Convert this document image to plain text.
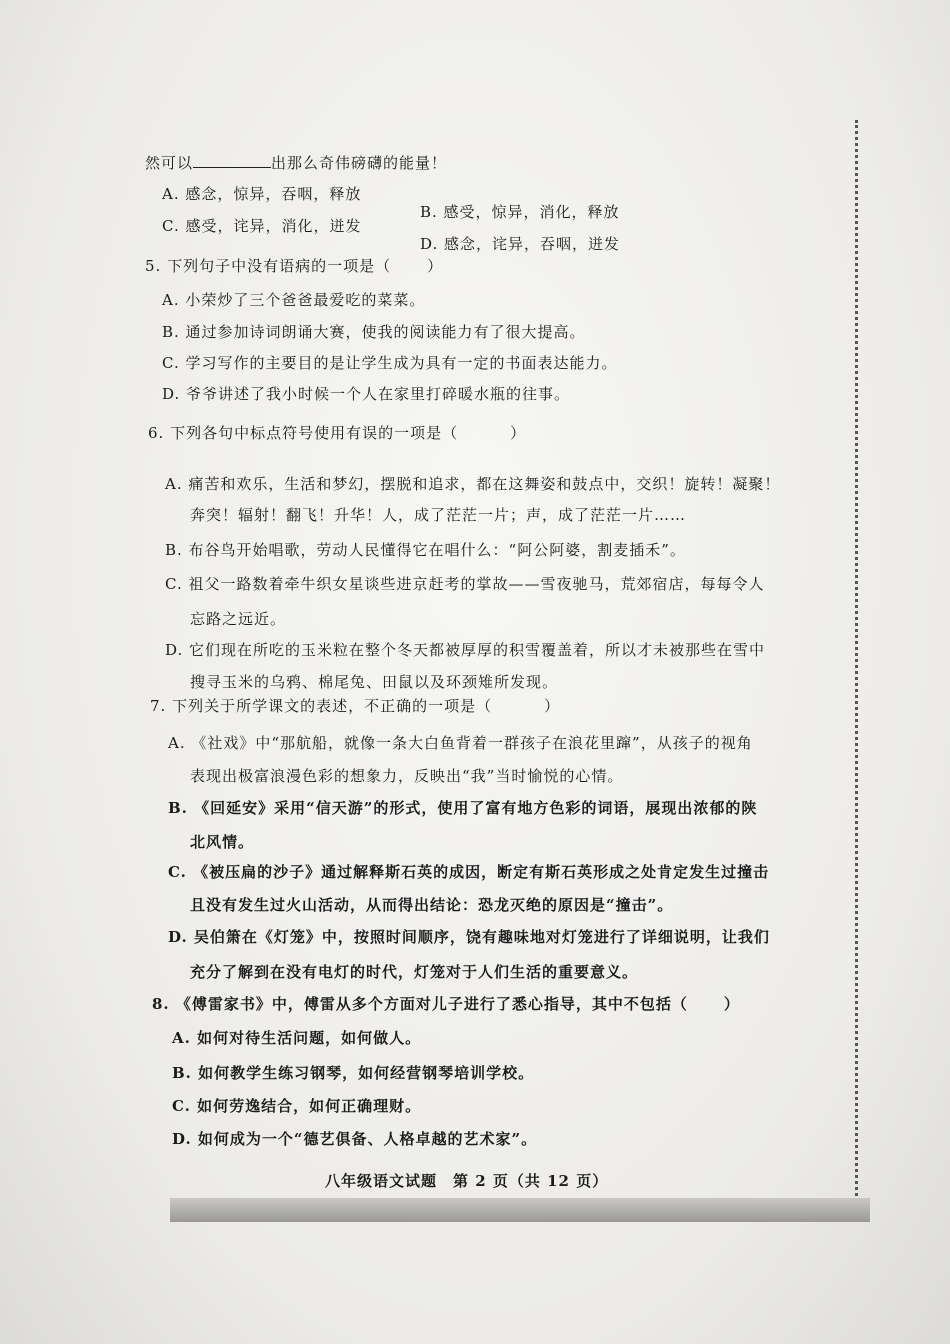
然可以	出那么奇伟磅礴的能量！
A. 感念，惊异，吞咽，释放
B. 感受，惊异，消化，释放
C. 感受，诧异，消化，迸发
D. 感念，诧异，吞咽，迸发
5. 下列句子中没有语病的一项是（ ）
A. 小荣炒了三个爸爸最爱吃的菜菜。
B. 通过参加诗词朗诵大赛，使我的阅读能力有了很大提高。
C. 学习写作的主要目的是让学生成为具有一定的书面表达能力。
D. 爷爷讲述了我小时候一个人在家里打碎暖水瓶的往事。
6. 下列各句中标点符号使用有误的一项是（	）
A. 痛苦和欢乐，生活和梦幻，摆脱和追求，都在这舞姿和鼓点中，交织！旋转！凝聚！
奔突！辐射！翻飞！升华！人，成了茫茫一片；声，成了茫茫一片……
B. 布谷鸟开始唱歌，劳动人民懂得它在唱什么：“阿公阿婆，割麦插禾”。
C. 祖父一路数着牵牛织女星谈些进京赶考的掌故——雪夜驰马，荒郊宿店，每每令人
忘路之远近。
D. 它们现在所吃的玉米粒在整个冬天都被厚厚的积雪覆盖着，所以才未被那些在雪中
搜寻玉米的乌鸦、棉尾兔、田鼠以及环颈雉所发现。
7. 下列关于所学课文的表述，不正确的一项是（	）
A. 《社戏》中“那航船，就像一条大白鱼背着一群孩子在浪花里蹿”，从孩子的视角
表现出极富浪漫色彩的想象力，反映出“我”当时愉悦的心情。
B. 《回延安》采用“信天游”的形式，使用了富有地方色彩的词语，展现出浓郁的陕
北风情。
C. 《被压扁的沙子》通过解释斯石英的成因，断定有斯石英形成之处肯定发生过撞击
且没有发生过火山活动，从而得出结论：恐龙灭绝的原因是“撞击”。
D. 吴伯箫在《灯笼》中，按照时间顺序，饶有趣味地对灯笼进行了详细说明，让我们
充分了解到在没有电灯的时代，灯笼对于人们生活的重要意义。
8. 《傅雷家书》中，傅雷从多个方面对儿子进行了悉心指导，其中不包括（ ）
A. 如何对待生活问题，如何做人。
B. 如何教学生练习钢琴，如何经营钢琴培训学校。
C. 如何劳逸结合，如何正确理财。
D. 如何成为一个“德艺俱备、人格卓越的艺术家”。
八年级语文试题　第 2 页（共 12 页）
